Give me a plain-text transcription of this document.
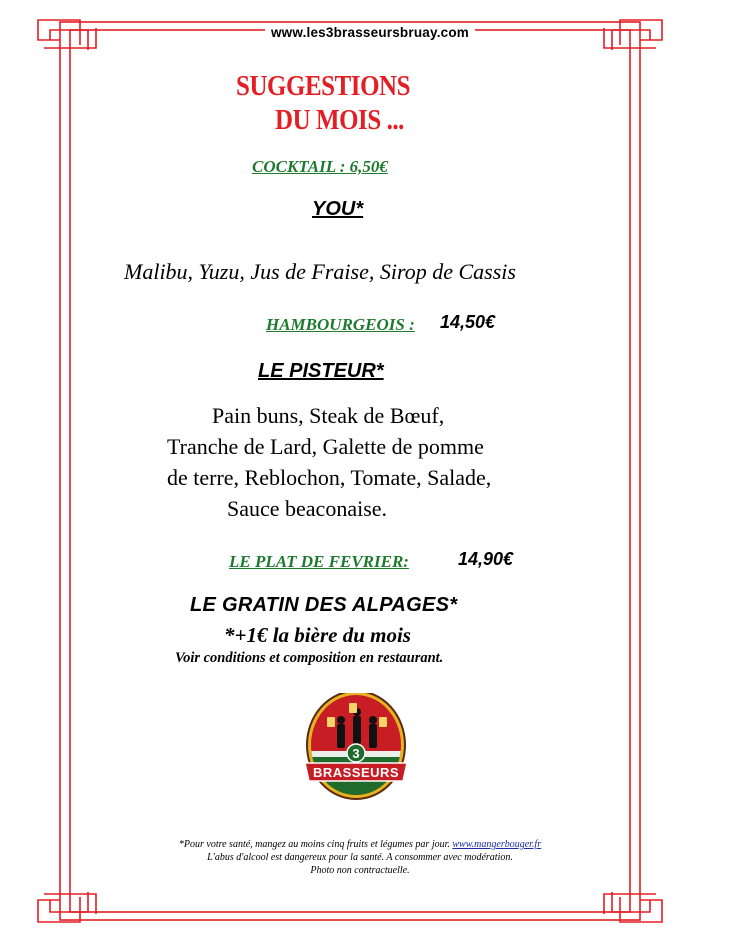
www.les3brasseursbruay.com
SUGGESTIONS
DU MOIS ...
COCKTAIL : 6,50€
YOU*
Malibu, Yuzu, Jus de Fraise, Sirop de Cassis
HAMBOURGEOIS : 14,50€
LE PISTEUR*
Pain buns, Steak de Bœuf,
Tranche de Lard, Galette de pomme
de terre, Reblochon, Tomate, Salade,
Sauce beaconaise.
LE PLAT DE FEVRIER:	14,90€
LE GRATIN DES ALPAGES*
*+1€ la bière du mois
Voir conditions et composition en restaurant.
3
BRASSEURS
*Pour votre santé, mangez au moins cinq fruits et légumes par jour. www.mangerbouger.fr
L'abus d'alcool est dangereux pour la santé. A consommer avec modération.
Photo non contractuelle.
